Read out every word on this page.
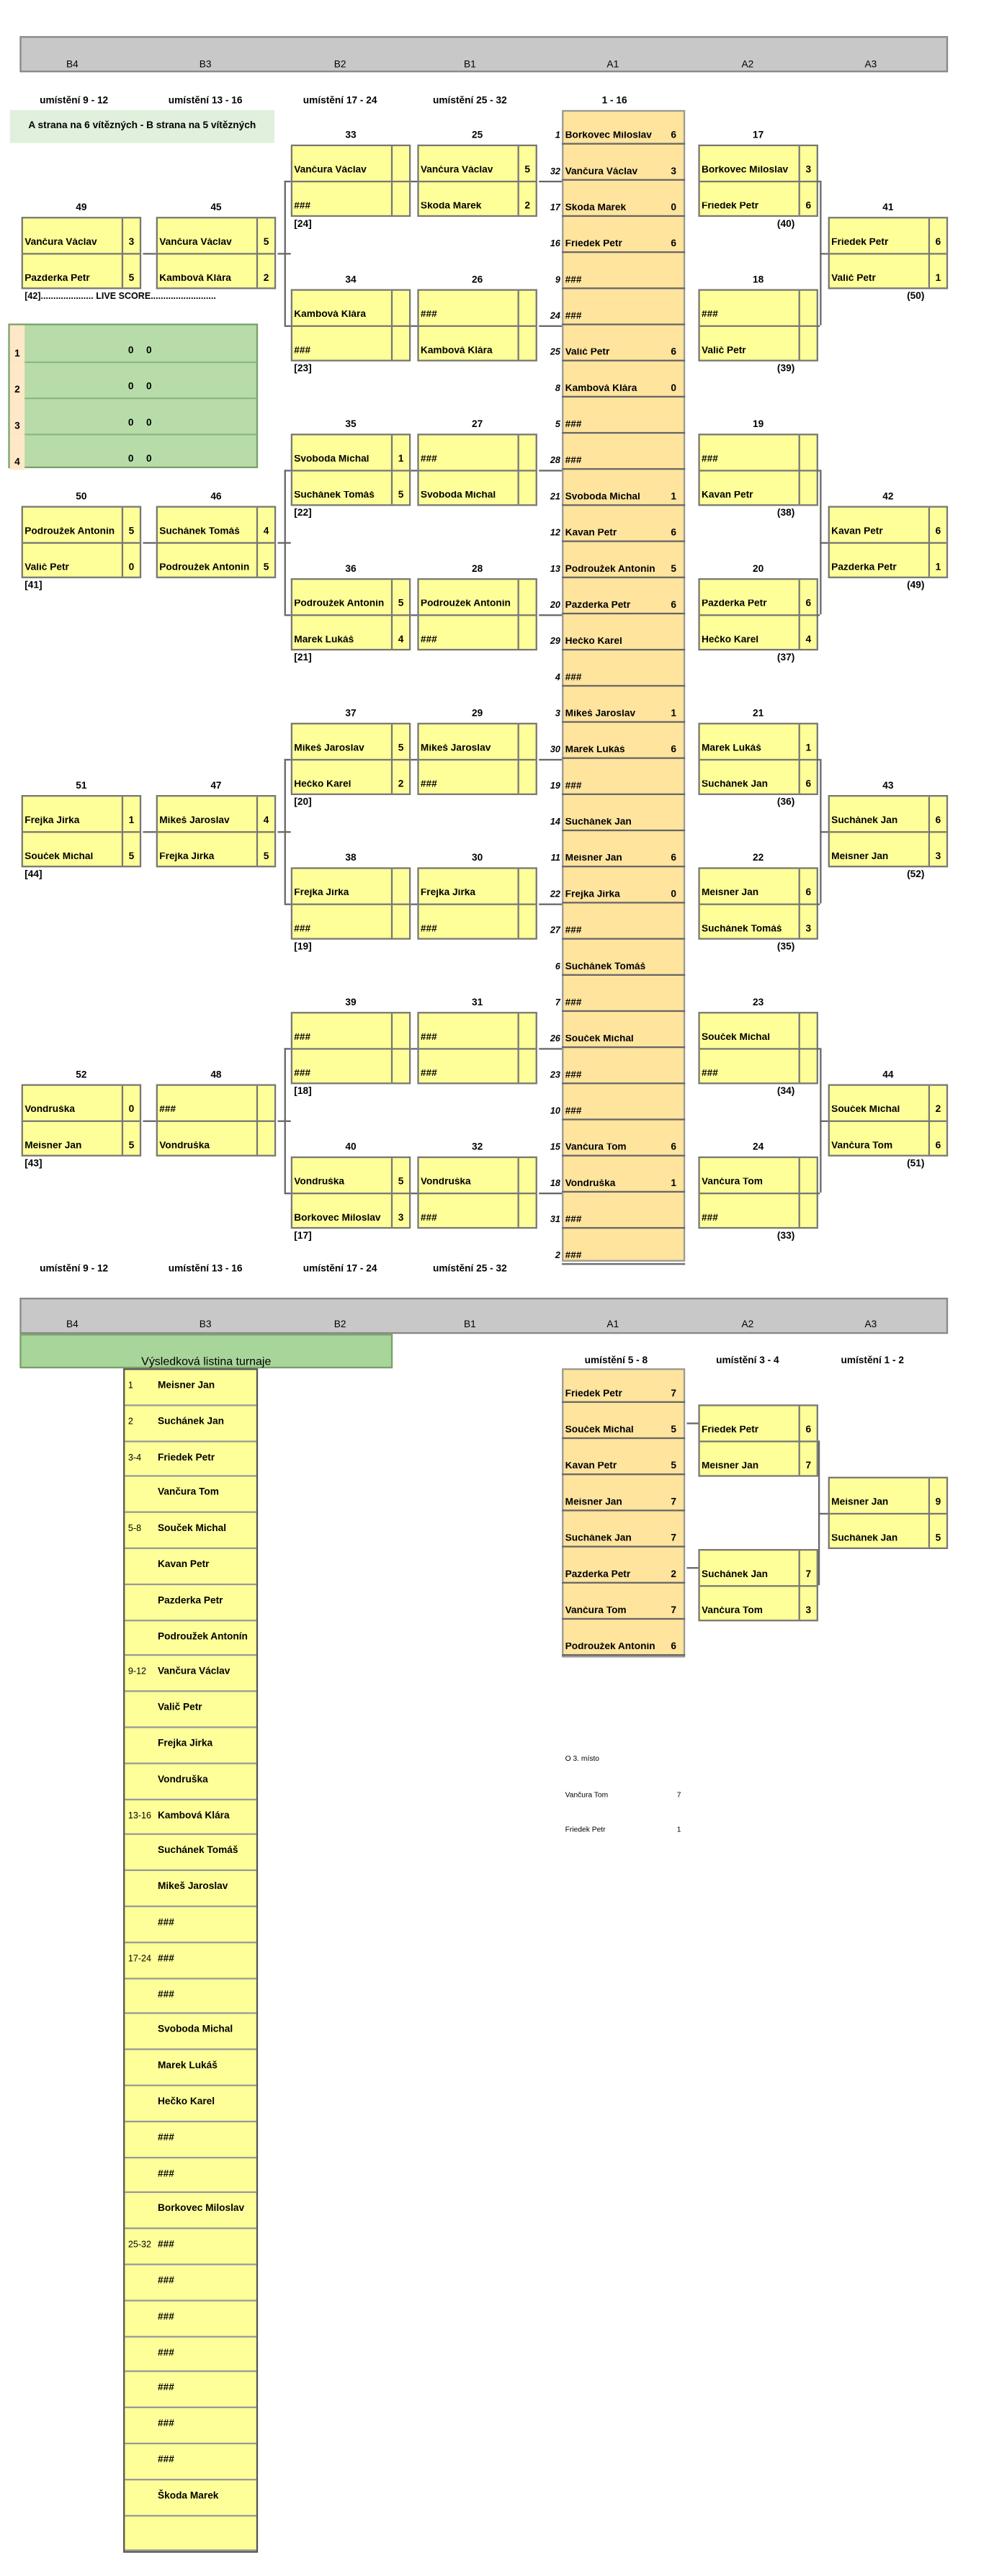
B4	B3	B2	B1	A1	A2	A3
umístění 9 - 12	umístění 13 - 16	umístění 17 - 24	umístění 25 - 32	1 - 16
A strana na 6 vítězných - B strana na 5 vítězných
1 Borkovec Miloslav	6
32 Vančura Václav	3
17 Škoda Marek	0
16 Friedek Petr	6
9 ###
24 ###
25 Valič Petr	6
8 Kambová Klára	0
5 ###
28 ###
21 Svoboda Michal	1
12 Kavan Petr	6
13 Podroužek Antonín	5
20 Pazderka Petr	6
29 Hečko Karel
4 ###
3 Mikeš Jaroslav	1
30 Marek Lukáš	6
19 ###
14 Suchánek Jan
11 Meisner Jan	6
22 Frejka Jirka	0
27 ###
6 Suchánek Tomáš
7 ###
26 Souček Michal
23 ###
10 ###
15 Vančura Tom	6
18 Vondruška	1
31 ###
2 ###
33
Vančura Václav
###
[24]
34
Kambová Klára
###
[23]
35
Svoboda Michal	1
Suchánek Tomáš	5
[22]
36
Podroužek Antonín	5
Marek Lukáš	4
[21]
37
Mikeš Jaroslav	5
Hečko Karel	2
[20]
38
Frejka Jirka
###
[19]
39
###
###
[18]
40
Vondruška	5
Borkovec Miloslav	3
[17]
25
Vančura Václav	5
Škoda Marek	2
26
###
Kambová Klára
27
###
Svoboda Michal
28
Podroužek Antonín
###
29
Mikeš Jaroslav
###
30
Frejka Jirka
###
31
###
###
32
Vondruška
###
17
Borkovec Miloslav	3
Friedek Petr	6
(40)
18
###
Valič Petr
(39)
19
###
Kavan Petr
(38)
20
Pazderka Petr	6
Hečko Karel	4
(37)
21
Marek Lukáš	1
Suchánek Jan	6
(36)
22
Meisner Jan	6
Suchánek Tomáš	3
(35)
23
Souček Michal
###
(34)
24
Vančura Tom
###
(33)
41
Friedek Petr	6
Valič Petr	1
(50)
42
Kavan Petr	6
Pazderka Petr	1
(49)
43
Suchánek Jan	6
Meisner Jan	3
(52)
44
Souček Michal	2
Vančura Tom	6
(51)
45
Vančura Václav	5
Kambová Klára	2
46
Suchánek Tomáš	4
Podroužek Antonín	5
47
Mikeš Jaroslav	4
Frejka Jirka	5
48
###
Vondruška
49
Vančura Václav	3
Pazderka Petr	5
50
Podroužek Antonín	5
Valič Petr	0
[41]
51
Frejka Jirka	1
Souček Michal	5
[44]
52
Vondruška	0
Meisner Jan	5
[43]
[42]..................... LIVE SCORE..........................
1	0	0
2	0	0
3	0	0
4	0	0
umístění 9 - 12	umístění 13 - 16	umístění 17 - 24	umístění 25 - 32
B4	B3	B2	B1	A1	A2	A3
Výsledková listina turnaje
1	Meisner Jan
2	Suchánek Jan
3-4	Friedek Petr
Vančura Tom
5-8	Souček Michal
Kavan Petr
Pazderka Petr
Podroužek Antonín
9-12	Vančura Václav
Valič Petr
Frejka Jirka
Vondruška
13-16	Kambová Klára
Suchánek Tomáš
Mikeš Jaroslav
###
17-24	###
###
Svoboda Michal
Marek Lukáš
Hečko Karel
###
###
Borkovec Miloslav
25-32	###
###
###
###
###
###
###
Škoda Marek
umístění 5 - 8	umístění 3 - 4	umístění 1 - 2
Friedek Petr	7
Souček Michal	5
Kavan Petr	5
Meisner Jan	7
Suchánek Jan	7
Pazderka Petr	2
Vančura Tom	7
Podroužek Antonín	6
Friedek Petr	6
Meisner Jan	7
Suchánek Jan	7
Vančura Tom	3
Meisner Jan	9
Suchánek Jan	5
O 3. místo
Vančura Tom	7
Friedek Petr	1
